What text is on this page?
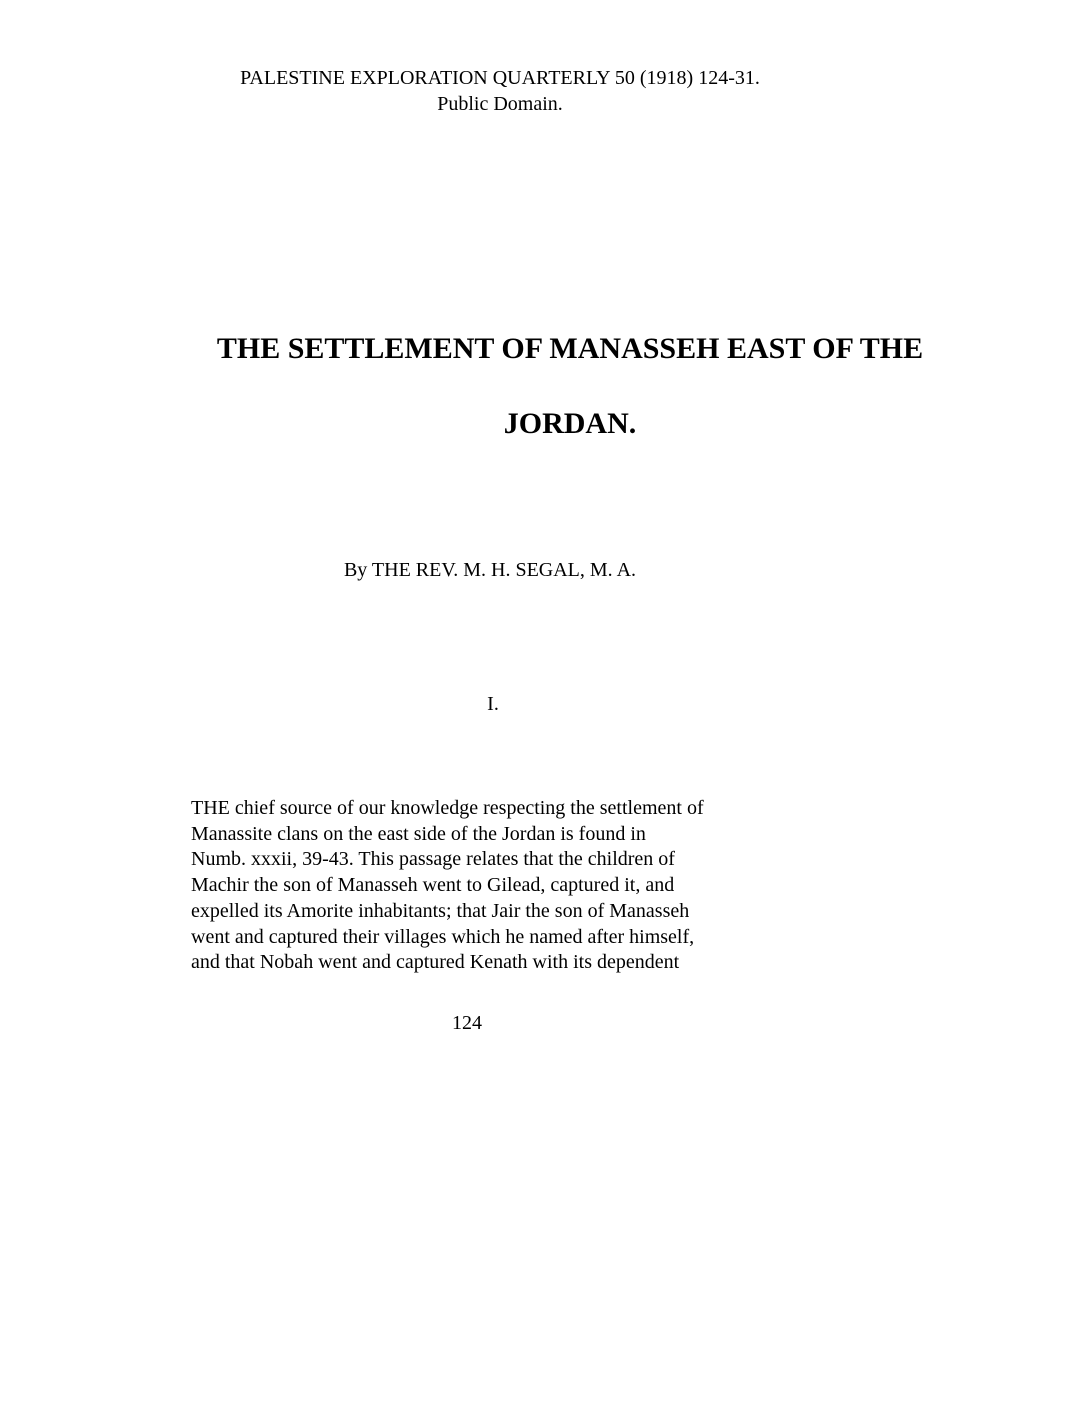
PALESTINE EXPLORATION QUARTERLY 50 (1918) 124-31.
Public Domain.
THE SETTLEMENT OF MANASSEH EAST OF THE
JORDAN.
By THE REV. M. H. SEGAL, M. A.
I.
THE chief source of our knowledge respecting the settlement of
Manassite clans on the east side of the Jordan is found in
Numb. xxxii, 39-43. This passage relates that the children of
Machir the son of Manasseh went to Gilead, captured it, and
expelled its Amorite inhabitants; that Jair the son of Manasseh
went and captured their villages which he named after himself,
and that Nobah went and captured Kenath with its dependent
124
